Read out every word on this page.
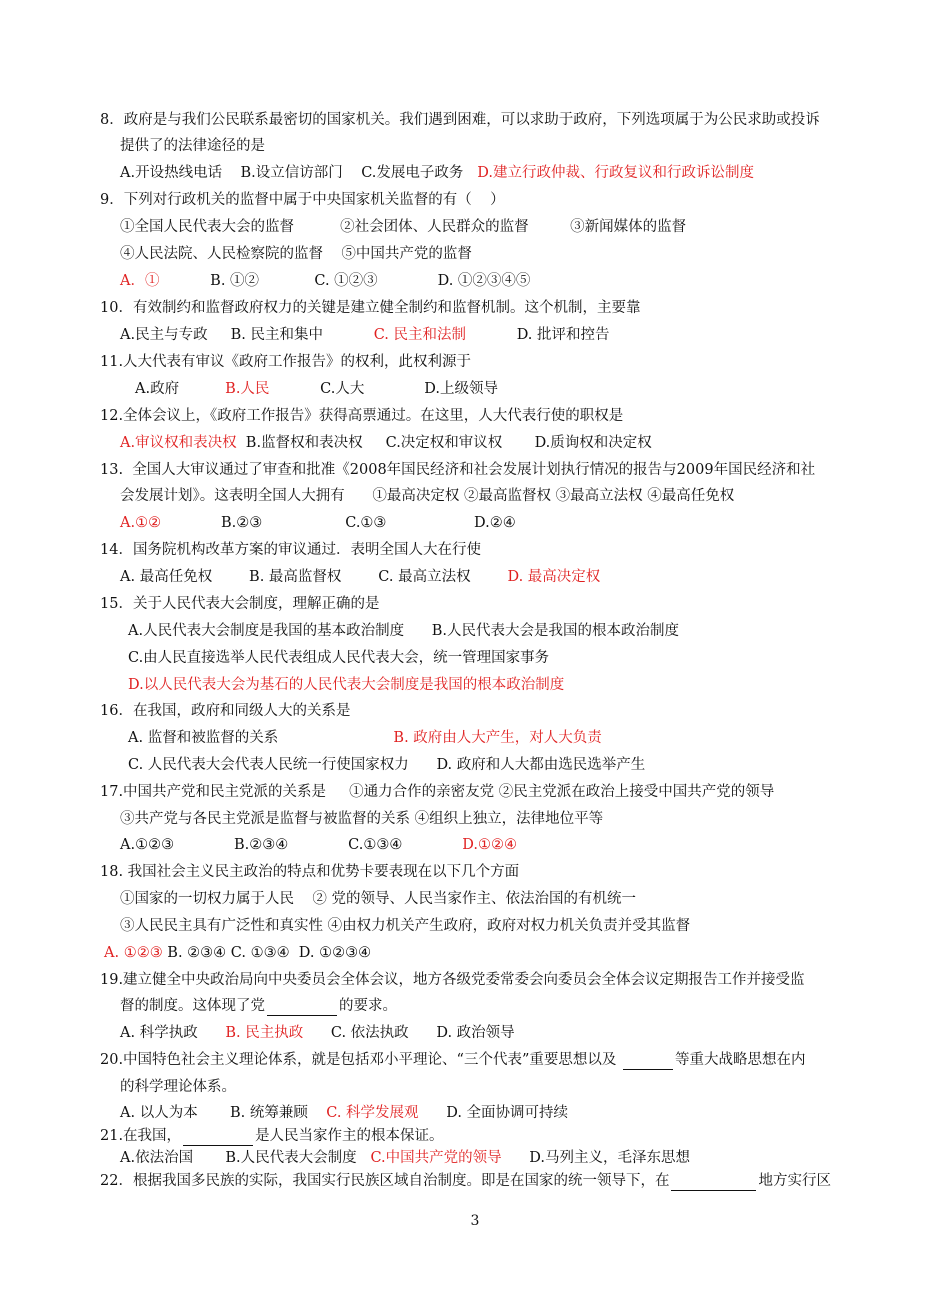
8．政府是与我们公民联系最密切的国家机关。我们遇到困难，可以求助于政府，下列选项属于为公民求助或投诉
提供了的法律途径的是
A.开设热线电话    B.设立信访部门    C.发展电子政务   D.建立行政仲裁、行政复议和行政诉讼制度
9．下列对行政机关的监督中属于中央国家机关监督的有（    ）
①全国人民代表大会的监督          ②社会团体、人民群众的监督         ③新闻媒体的监督
④人民法院、人民检察院的监督    ⑤中国共产党的监督
A．①           B. ①②            C. ①②③             D. ①②③④⑤
10．有效制约和监督政府权力的关键是建立健全制约和监督机制。这个机制，主要靠
A.民主与专政     B. 民主和集中           C. 民主和法制           D. 批评和控告
11.人大代表有审议《政府工作报告》的权利，此权利源于
A.政府          B.人民           C.人大             D.上级领导
12.全体会议上，《政府工作报告》获得高票通过。在这里，人大代表行使的职权是
A.审议权和表决权  B.监督权和表决权     C.决定权和审议权       D.质询权和决定权
13.  全国人大审议通过了审查和批准《2008年国民经济和社会发展计划执行情况的报告与2009年国民经济和社
会发展计划》。这表明全国人大拥有      ①最高决定权 ②最高监督权 ③最高立法权 ④最高任免权
A.①②             B.②③                  C.①③                   D.②④
14．国务院机构改革方案的审议通过．表明全国人大在行使
A. 最高任免权        B. 最高监督权        C. 最高立法权        D. 最高决定权
15．关于人民代表大会制度，理解正确的是
A.人民代表大会制度是我国的基本政治制度      B.人民代表大会是我国的根本政治制度
C.由人民直接选举人民代表组成人民代表大会，统一管理国家事务
D.以人民代表大会为基石的人民代表大会制度是我国的根本政治制度
16．在我国，政府和同级人大的关系是
A. 监督和被监督的关系                         B. 政府由人大产生，对人大负责
C. 人民代表大会代表人民统一行使国家权力      D. 政府和人大都由选民选举产生
17.中国共产党和民主党派的关系是     ①通力合作的亲密友党 ②民主党派在政治上接受中国共产党的领导
③共产党与各民主党派是监督与被监督的关系 ④组织上独立，法律地位平等
A.①②③             B.②③④             C.①③④             D.①②④
18. 我国社会主义民主政治的特点和优势卡要表现在以下几个方面
①国家的一切权力属于人民    ② 党的领导、人民当家作主、依法治国的有机统一
③人民民主具有广泛性和真实性 ④由权力机关产生政府，政府对权力机关负责并受其监督
A. ①②③ B. ②③④ C. ①③④  D. ①②③④
19.建立健全中央政治局向中央委员会全体会议，地方各级党委常委会向委员会全体会议定期报告工作并接受监
督的制度。这体现了党	的要求。
A. 科学执政      B. 民主执政      C. 依法执政      D. 政治领导
20.中国特色社会主义理论体系，就是包括邓小平理论、“三个代表”重要思想以及	等重大战略思想在内
的科学理论体系。
A. 以人为本       B. 统筹兼顾    C. 科学发展观      D. 全面协调可持续
21.在我国，	是人民当家作主的根本保证。
A.依法治国       B.人民代表大会制度   C.中国共产党的领导      D.马列主义，毛泽东思想
22．根据我国多民族的实际，我国实行民族区域自治制度。即是在国家的统一领导下，在	地方实行区
3
